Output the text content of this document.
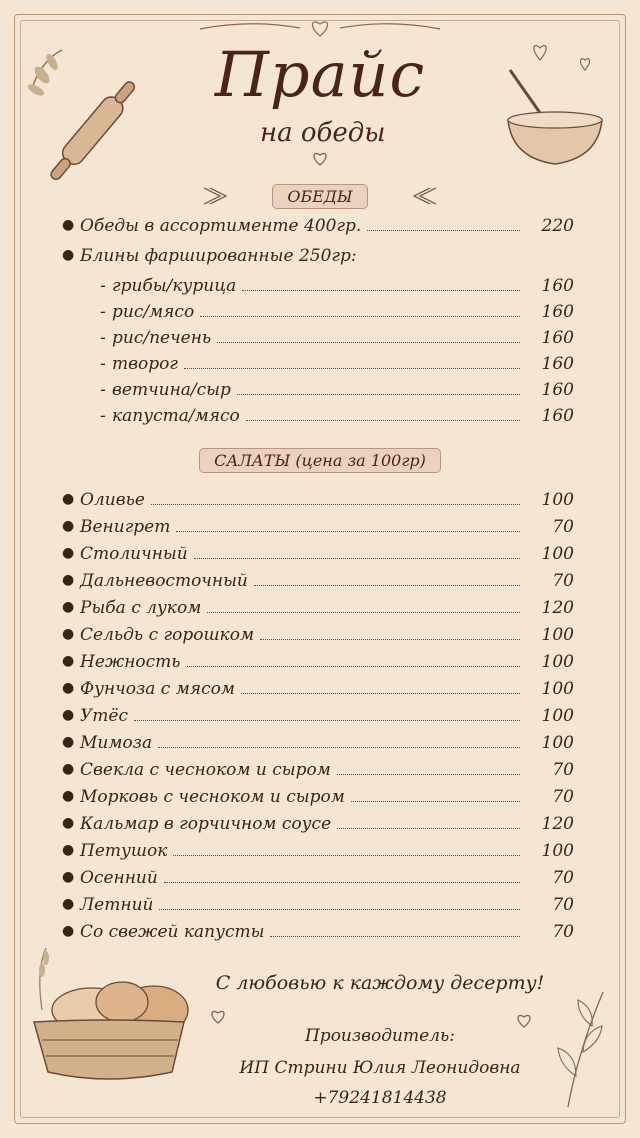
Прайс
на обеды
ОБЕДЫ
● Обеды в ассортименте 400гр.	220
● Блины фаршированные 250гр:
- грибы/курица	160
- рис/мясо	160
- рис/печень	160
- творог	160
- ветчина/сыр	160
- капуста/мясо	160
САЛАТЫ (цена за 100гр)
● Оливье	100
● Венигрет	70
● Столичный	100
● Дальневосточный	70
● Рыба с луком	120
● Сельдь с горошком	100
● Нежность	100
● Фунчоза с мясом	100
● Утёс	100
● Мимоза	100
● Свекла с чесноком и сыром	70
● Морковь с чесноком и сыром	70
● Кальмар в горчичном соусе	120
● Петушок	100
● Осенний	70
● Летний	70
● Со свежей капусты	70
С любовью к каждому десерту!
Производитель:
ИП Стрини Юлия Леонидовна
+79241814438
